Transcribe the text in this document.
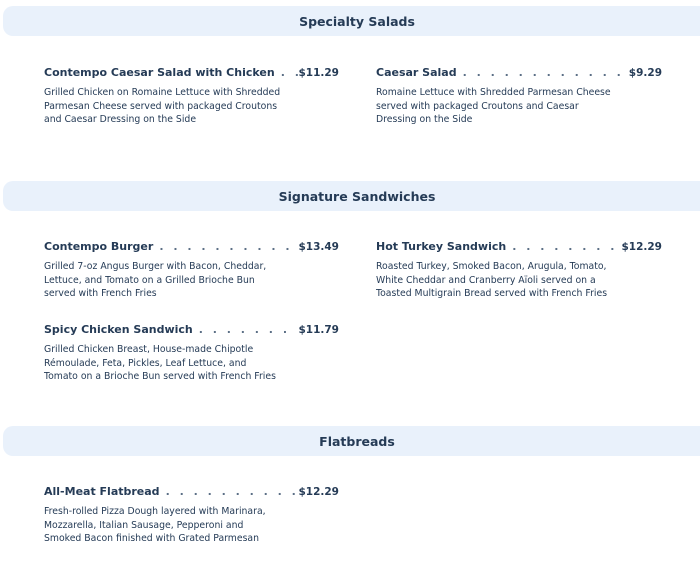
Specialty Salads
Contempo Caesar Salad with Chicken . . . $11.29
Grilled Chicken on Romaine Lettuce with Shredded Parmesan Cheese served with packaged Croutons and Caesar Dressing on the Side
Caesar Salad . . .	$9.29
Romaine Lettuce with Shredded Parmesan Cheese served with packaged Croutons and Caesar Dressing on the Side
Signature Sandwiches
Contempo Burger . . .	$13.49
Grilled 7-oz Angus Burger with Bacon, Cheddar, Lettuce, and Tomato on a Grilled Brioche Bun served with French Fries
Hot Turkey Sandwich . . .	$12.29
Roasted Turkey, Smoked Bacon, Arugula, Tomato, White Cheddar and Cranberry Aïoli served on a Toasted Multigrain Bread served with French Fries
Spicy Chicken Sandwich . . .	$11.79
Grilled Chicken Breast, House-made Chipotle Rémoulade, Feta, Pickles, Leaf Lettuce, and Tomato on a Brioche Bun served with French Fries
Flatbreads
All-Meat Flatbread . . .	$12.29
Fresh-rolled Pizza Dough layered with Marinara, Mozzarella, Italian Sausage, Pepperoni and Smoked Bacon finished with Grated Parmesan
